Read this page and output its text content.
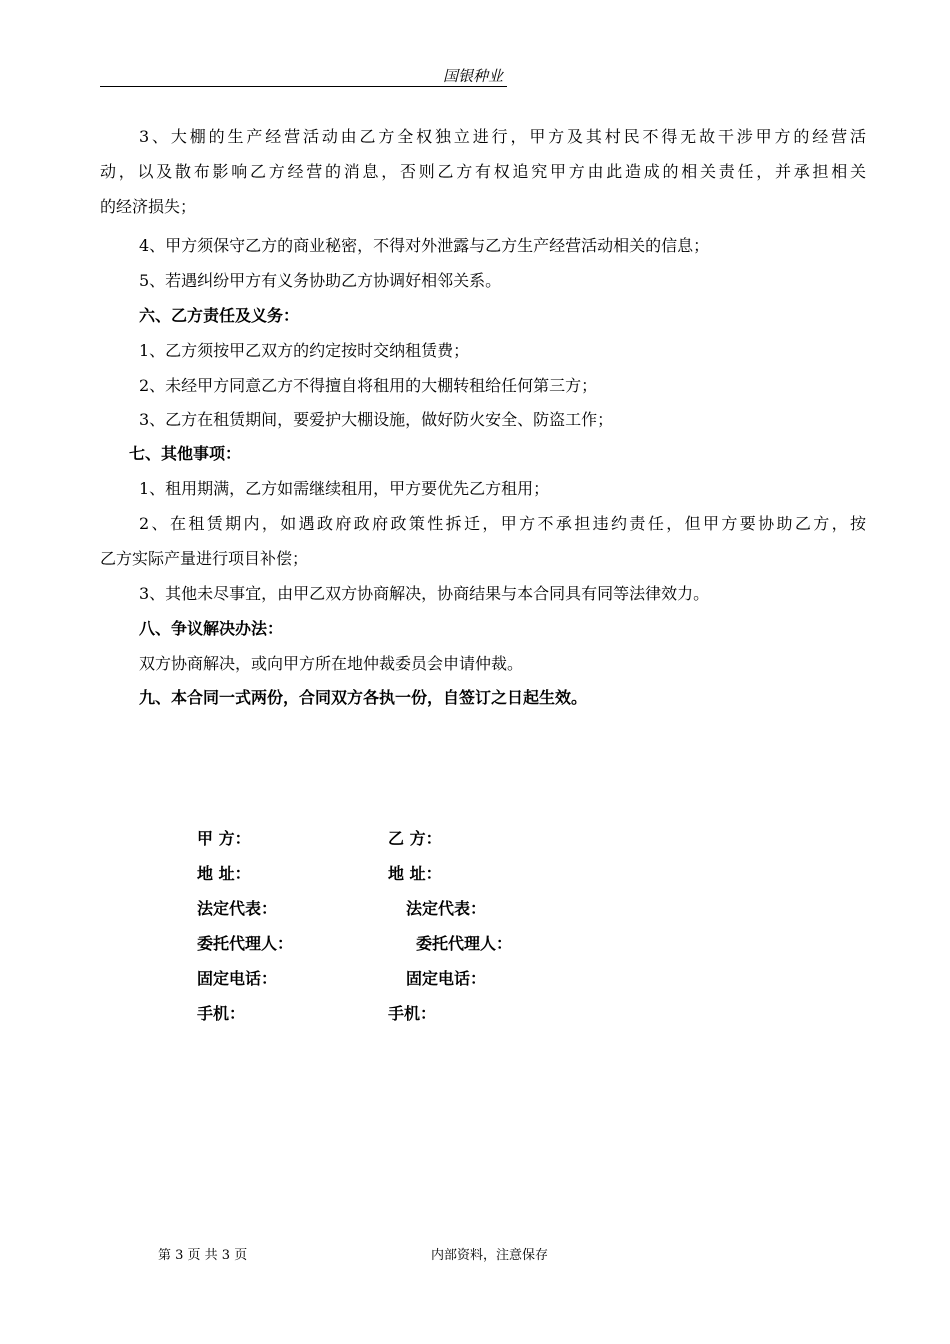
国银种业
3、大棚的生产经营活动由乙方全权独立进行，甲方及其村民不得无故干涉甲方的经营活
动，以及散布影响乙方经营的消息，否则乙方有权追究甲方由此造成的相关责任，并承担相关
的经济损失；
4、甲方须保守乙方的商业秘密，不得对外泄露与乙方生产经营活动相关的信息；
5、若遇纠纷甲方有义务协助乙方协调好相邻关系。
六、乙方责任及义务：
1、乙方须按甲乙双方的约定按时交纳租赁费；
2、未经甲方同意乙方不得擅自将租用的大棚转租给任何第三方；
3、乙方在租赁期间，要爱护大棚设施，做好防火安全、防盗工作；
七、其他事项：
1、租用期满，乙方如需继续租用，甲方要优先乙方租用；
2、在租赁期内，如遇政府政府政策性拆迁，甲方不承担违约责任，但甲方要协助乙方，按
乙方实际产量进行项目补偿；
3、其他未尽事宜，由甲乙双方协商解决，协商结果与本合同具有同等法律效力。
八、争议解决办法：
双方协商解决，或向甲方所在地仲裁委员会申请仲裁。
九、本合同一式两份，合同双方各执一份，自签订之日起生效。
甲 方：	乙 方：
地 址：	地 址：
法定代表：	法定代表：
委托代理人：	委托代理人：
固定电话：	固定电话：
手机：	手机：
第 3 页 共 3 页	内部资料，注意保存
